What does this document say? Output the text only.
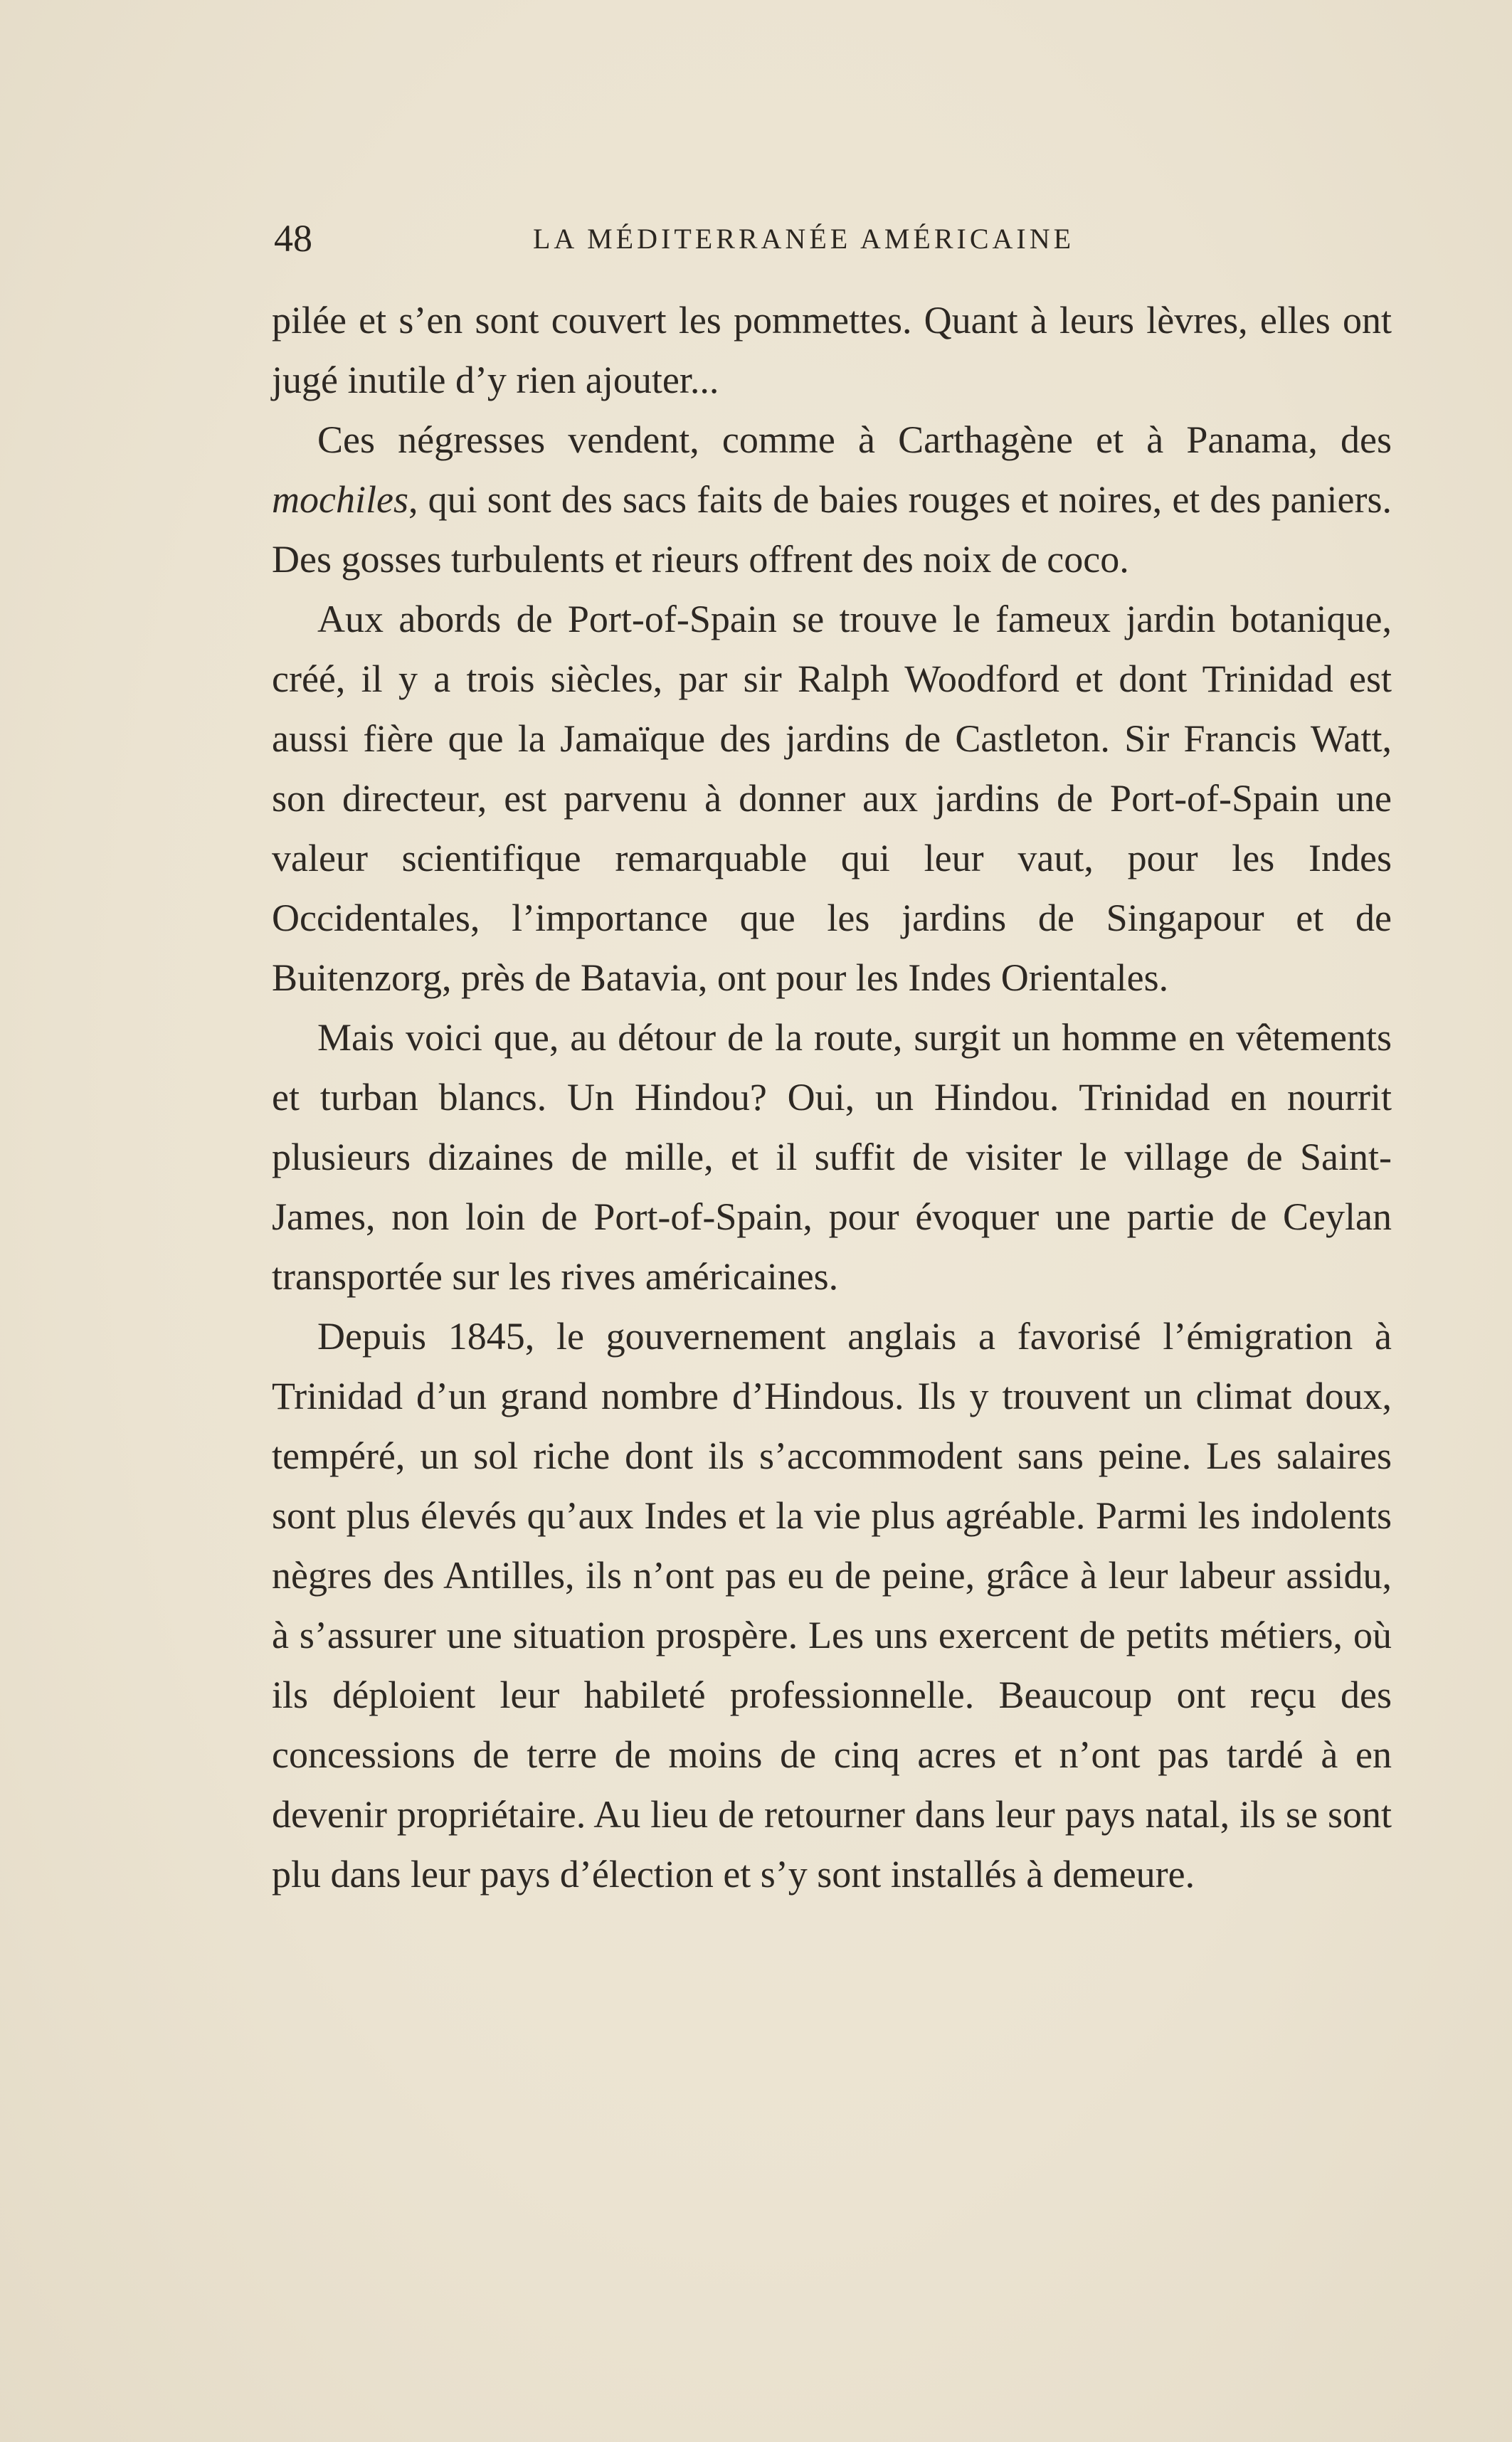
48	LA MÉDITERRANÉE AMÉRICAINE

pilée et s’en sont couvert les pommettes. Quant à leurs lèvres, elles ont jugé inutile d’y rien ajouter...

Ces négresses vendent, comme à Carthagène et à Panama, des mochiles, qui sont des sacs faits de baies rouges et noires, et des paniers. Des gosses turbulents et rieurs offrent des noix de coco.

Aux abords de Port-of-Spain se trouve le fameux jardin botanique, créé, il y a trois siècles, par sir Ralph Woodford et dont Trinidad est aussi fière que la Jamaïque des jardins de Castleton. Sir Francis Watt, son directeur, est parvenu à donner aux jardins de Port-of-Spain une valeur scientifique remarquable qui leur vaut, pour les Indes Occidentales, l’importance que les jardins de Singapour et de Buitenzorg, près de Batavia, ont pour les Indes Orientales.

Mais voici que, au détour de la route, surgit un homme en vêtements et turban blancs. Un Hindou? Oui, un Hindou. Trinidad en nourrit plusieurs dizaines de mille, et il suffit de visiter le village de Saint-James, non loin de Port-of-Spain, pour évoquer une partie de Ceylan transportée sur les rives américaines.

Depuis 1845, le gouvernement anglais a favorisé l’émigration à Trinidad d’un grand nombre d’Hindous. Ils y trouvent un climat doux, tempéré, un sol riche dont ils s’accommodent sans peine. Les salaires sont plus élevés qu’aux Indes et la vie plus agréable. Parmi les indolents nègres des Antilles, ils n’ont pas eu de peine, grâce à leur labeur assidu, à s’assurer une situation prospère. Les uns exercent de petits métiers, où ils déploient leur habileté professionnelle. Beaucoup ont reçu des concessions de terre de moins de cinq acres et n’ont pas tardé à en devenir propriétaire. Au lieu de retourner dans leur pays natal, ils se sont plu dans leur pays d’élection et s’y sont installés à demeure.
